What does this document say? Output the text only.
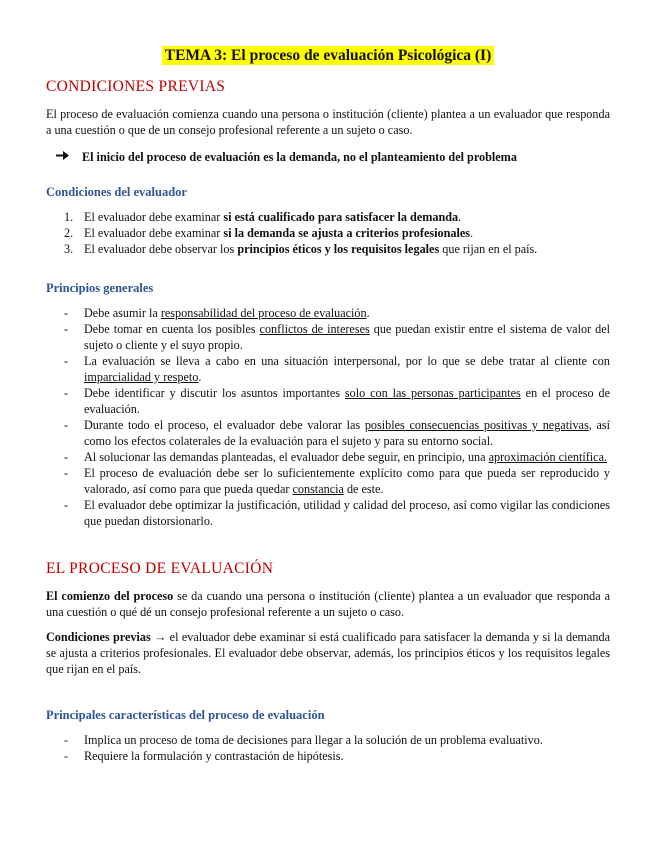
TEMA 3: El proceso de evaluación Psicológica (I)
CONDICIONES PREVIAS

El proceso de evaluación comienza cuando una persona o institución (cliente) plantea a un evaluador que responda a una cuestión o que de un consejo profesional referente a un sujeto o caso.

El inicio del proceso de evaluación es la demanda, no el planteamiento del problema
Condiciones del evaluador
1. El evaluador debe examinar si está cualificado para satisfacer la demanda.
2. El evaluador debe examinar si la demanda se ajusta a criterios profesionales.
3. El evaluador debe observar los principios éticos y los requisitos legales que rijan en el país.
Principios generales
- Debe asumir la responsabilidad del proceso de evaluación.
- Debe tomar en cuenta los posibles conflictos de intereses que puedan existir entre el sistema de valor del sujeto o cliente y el suyo propio.
- La evaluación se lleva a cabo en una situación interpersonal, por lo que se debe tratar al cliente con imparcialidad y respeto.
- Debe identificar y discutir los asuntos importantes solo con las personas participantes en el proceso de evaluación.
- Durante todo el proceso, el evaluador debe valorar las posibles consecuencias positivas y negativas, así como los efectos colaterales de la evaluación para el sujeto y para su entorno social.
- Al solucionar las demandas planteadas, el evaluador debe seguir, en principio, una aproximación científica.
- El proceso de evaluación debe ser lo suficientemente explícito como para que pueda ser reproducido y valorado, así como para que pueda quedar constancia de este.
- El evaluador debe optimizar la justificación, utilidad y calidad del proceso, así como vigilar las condiciones que puedan distorsionarlo.
EL PROCESO DE EVALUACIÓN

El comienzo del proceso se da cuando una persona o institución (cliente) plantea a un evaluador que responda a una cuestión o qué dé un consejo profesional referente a un sujeto o caso.

Condiciones previas → el evaluador debe examinar si está cualificado para satisfacer la demanda y si la demanda se ajusta a criterios profesionales. El evaluador debe observar, además, los principios éticos y los requisitos legales que rijan en el país.

Principales características del proceso de evaluación
- Implica un proceso de toma de decisiones para llegar a la solución de un problema evaluativo.
- Requiere la formulación y contrastación de hipótesis.
